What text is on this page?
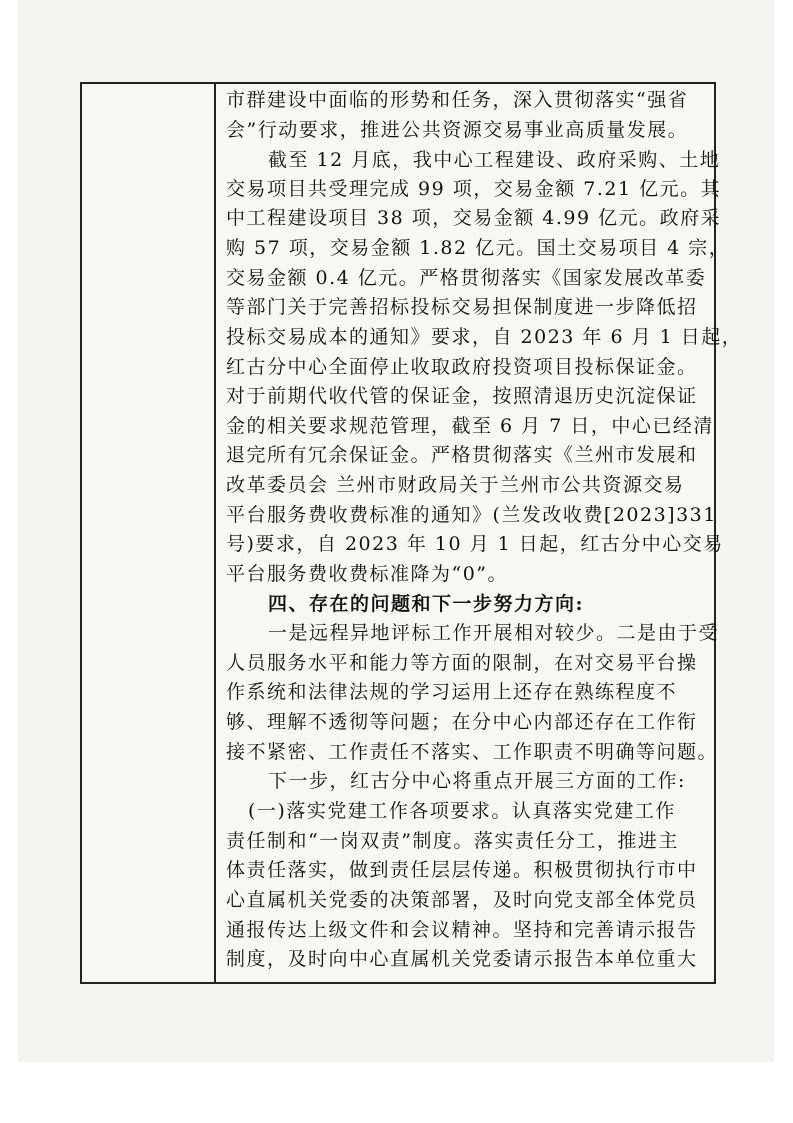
市群建设中面临的形势和任务，深入贯彻落实“强省
会”行动要求，推进公共资源交易事业高质量发展。
截至 12 月底，我中心工程建设、政府采购、土地
交易项目共受理完成 99 项，交易金额 7.21 亿元。其
中工程建设项目 38 项，交易金额 4.99 亿元。政府采
购 57 项，交易金额 1.82 亿元。国土交易项目 4 宗，
交易金额 0.4 亿元。严格贯彻落实《国家发展改革委
等部门关于完善招标投标交易担保制度进一步降低招
投标交易成本的通知》要求，自 2023 年 6 月 1 日起，
红古分中心全面停止收取政府投资项目投标保证金。
对于前期代收代管的保证金，按照清退历史沉淀保证
金的相关要求规范管理，截至 6 月 7 日，中心已经清
退完所有冗余保证金。严格贯彻落实《兰州市发展和
改革委员会 兰州市财政局关于兰州市公共资源交易
平台服务费收费标准的通知》(兰发改收费[2023]331
号)要求，自 2023 年 10 月 1 日起，红古分中心交易
平台服务费收费标准降为“0”。
四、存在的问题和下一步努力方向:
一是远程异地评标工作开展相对较少。二是由于受
人员服务水平和能力等方面的限制，在对交易平台操
作系统和法律法规的学习运用上还存在熟练程度不
够、理解不透彻等问题；在分中心内部还存在工作衔
接不紧密、工作责任不落实、工作职责不明确等问题。
下一步，红古分中心将重点开展三方面的工作:
(一)落实党建工作各项要求。认真落实党建工作
责任制和“一岗双责”制度。落实责任分工，推进主
体责任落实，做到责任层层传递。积极贯彻执行市中
心直属机关党委的决策部署，及时向党支部全体党员
通报传达上级文件和会议精神。坚持和完善请示报告
制度，及时向中心直属机关党委请示报告本单位重大
